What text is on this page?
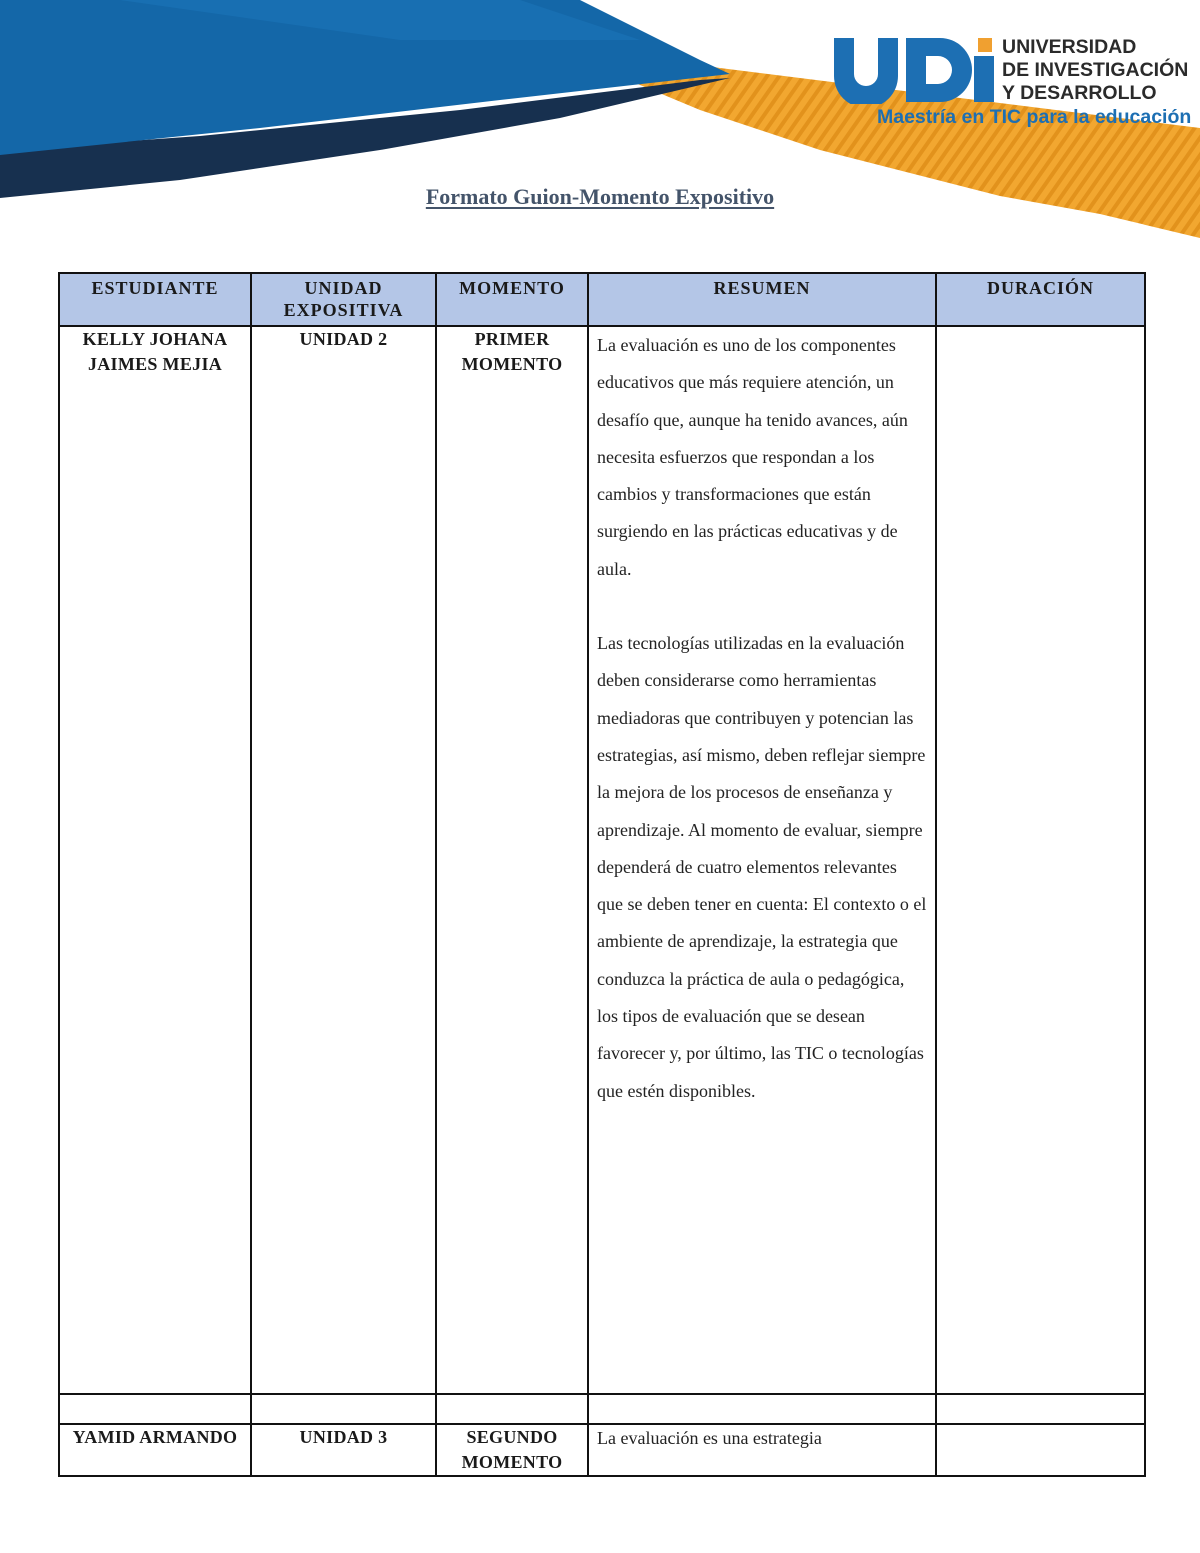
UNIVERSIDAD
DE INVESTIGACIÓN
Y DESARROLLO
Maestría en TIC para la educación
Formato Guion-Momento Expositivo
ESTUDIANTE	UNIDAD EXPOSITIVA	MOMENTO	RESUMEN	DURACIÓN
KELLY JOHANA JAIMES MEJIA	UNIDAD 2	PRIMER MOMENTO	La evaluación es uno de los componentes educativos que más requiere atención, un desafío que, aunque ha tenido avances, aún necesita esfuerzos que respondan a los cambios y transformaciones que están surgiendo en las prácticas educativas y de aula.

Las tecnologías utilizadas en la evaluación deben considerarse como herramientas mediadoras que contribuyen y potencian las estrategias, así mismo, deben reflejar siempre la mejora de los procesos de enseñanza y aprendizaje. Al momento de evaluar, siempre dependerá de cuatro elementos relevantes que se deben tener en cuenta: El contexto o el ambiente de aprendizaje, la estrategia que conduzca la práctica de aula o pedagógica, los tipos de evaluación que se desean favorecer y, por último, las TIC o tecnologías que estén disponibles.	

YAMID ARMANDO	UNIDAD 3	SEGUNDO MOMENTO	La evaluación es una estrategia	
